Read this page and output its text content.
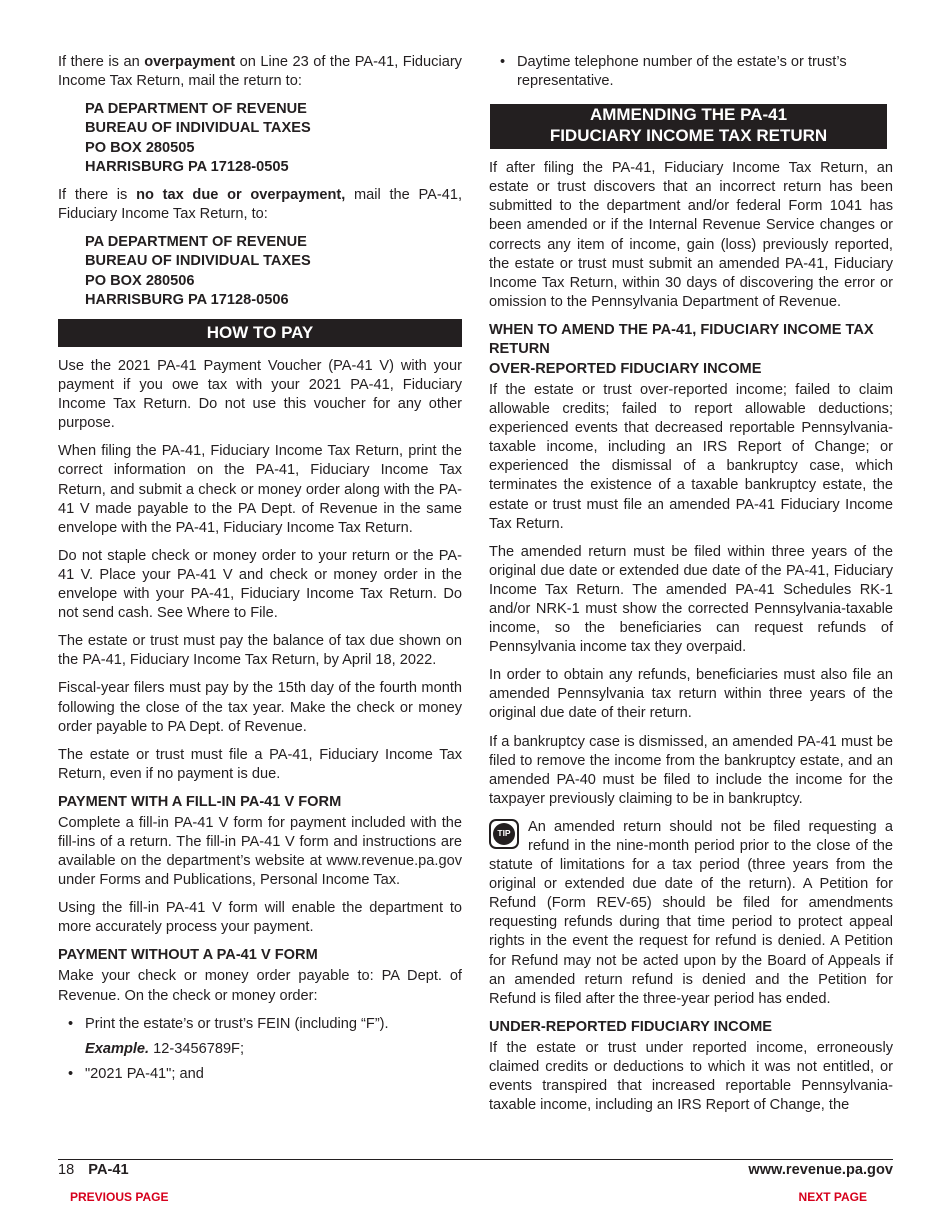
If there is an overpayment on Line 23 of the PA-41, Fiduciary Income Tax Return, mail the return to:

PA DEPARTMENT OF REVENUE
BUREAU OF INDIVIDUAL TAXES
PO BOX 280505
HARRISBURG PA 17128-0505

If there is no tax due or overpayment, mail the PA-41, Fiduciary Income Tax Return, to:

PA DEPARTMENT OF REVENUE
BUREAU OF INDIVIDUAL TAXES
PO BOX 280506
HARRISBURG PA 17128-0506
HOW TO PAY

Use the 2021 PA-41 Payment Voucher (PA-41 V) with your payment if you owe tax with your 2021 PA-41, Fiduciary Income Tax Return. Do not use this voucher for any other purpose.

When filing the PA-41, Fiduciary Income Tax Return, print the correct information on the PA-41, Fiduciary Income Tax Return, and submit a check or money order along with the PA-41 V made payable to the PA Dept. of Revenue in the same envelope with the PA-41, Fiduciary Income Tax Return.

Do not staple check or money order to your return or the PA-41 V. Place your PA-41 V and check or money order in the envelope with your PA-41, Fiduciary Income Tax Return. Do not send cash. See Where to File.

The estate or trust must pay the balance of tax due shown on the PA-41, Fiduciary Income Tax Return, by April 18, 2022.

Fiscal-year filers must pay by the 15th day of the fourth month following the close of the tax year. Make the check or money order payable to PA Dept. of Revenue.

The estate or trust must file a PA-41, Fiduciary Income Tax Return, even if no payment is due.

PAYMENT WITH A FILL-IN PA-41 V FORM

Complete a fill-in PA-41 V form for payment included with the fill-ins of a return. The fill-in PA-41 V form and instructions are available on the department’s website at www.revenue.pa.gov under Forms and Publications, Personal Income Tax.

Using the fill-in PA-41 V form will enable the department to more accurately process your payment.

PAYMENT WITHOUT A PA-41 V FORM

Make your check or money order payable to: PA Dept. of Revenue. On the check or money order:

• Print the estate’s or trust’s FEIN (including “F”).
Example. 12-3456789F;
• "2021 PA-41"; and
• Daytime telephone number of the estate’s or trust’s representative.
AMMENDING THE PA-41
FIDUCIARY INCOME TAX RETURN

If after filing the PA-41, Fiduciary Income Tax Return, an estate or trust discovers that an incorrect return has been submitted to the department and/or federal Form 1041 has been amended or if the Internal Revenue Service changes or corrects any item of income, gain (loss) previously reported, the estate or trust must submit an amended PA-41, Fiduciary Income Tax Return, within 30 days of discovering the error or omission to the Pennsylvania Department of Revenue.

WHEN TO AMEND THE PA-41, FIDUCIARY INCOME TAX RETURN
OVER-REPORTED FIDUCIARY INCOME

If the estate or trust over-reported income; failed to claim allowable credits; failed to report allowable deductions; experienced events that decreased reportable Pennsylvania-taxable income, including an IRS Report of Change; or experienced the dismissal of a bankruptcy case, which terminates the existence of a taxable bankruptcy estate, the estate or trust must file an amended PA-41 Fiduciary Income Tax Return.

The amended return must be filed within three years of the original due date or extended due date of the PA-41, Fiduciary Income Tax Return. The amended PA-41 Schedules RK-1 and/or NRK-1 must show the corrected Pennsylvania-taxable income, so the beneficiaries can request refunds of Pennsylvania income tax they overpaid.

In order to obtain any refunds, beneficiaries must also file an amended Pennsylvania tax return within three years of the original due date of their return.

If a bankruptcy case is dismissed, an amended PA-41 must be filed to remove the income from the bankruptcy estate, and an amended PA-40 must be filed to include the income for the taxpayer previously claiming to be in bankruptcy.

TIP	An amended return should not be filed requesting a refund in the nine-month period prior to the close of the statute of limitations for a tax period (three years from the original or extended due date of the return). A Petition for Refund (Form REV-65) should be filed for amendments requesting refunds during that time period to protect appeal rights in the event the request for refund is denied. A Petition for Refund may not be acted upon by the Board of Appeals if an amended return refund is denied and the Petition for Refund is filed after the three-year period has ended.

UNDER-REPORTED FIDUCIARY INCOME

If the estate or trust under reported income, erroneously claimed credits or deductions to which it was not entitled, or events transpired that increased reportable Pennsylvania-taxable income, including an IRS Report of Change, the

18 PA-41	www.revenue.pa.gov
PREVIOUS PAGE	NEXT PAGE
